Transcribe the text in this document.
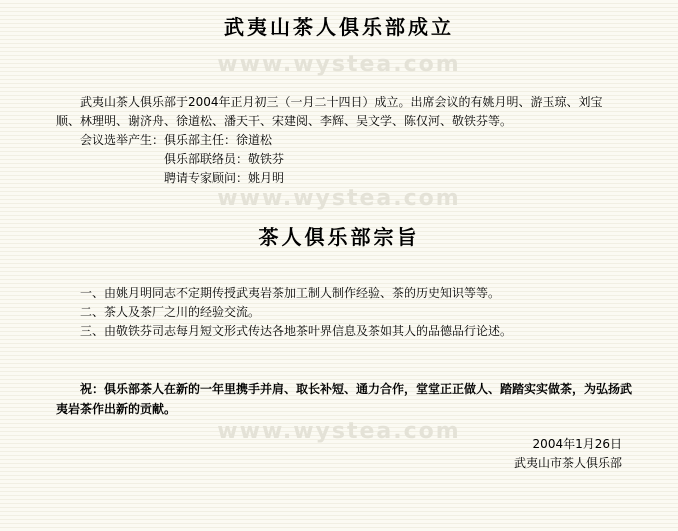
www.wystea.com
www.wystea.com
www.wystea.com
武夷山茶人俱乐部成立

武夷山茶人俱乐部于2004年正月初三（一月二十四日）成立。出席会议的有姚月明、游玉琼、刘宝顺、林理明、谢济舟、徐道松、潘天干、宋建阅、李辉、吴文学、陈仅河、敬铁芬等。

会议选举产生：俱乐部主任：徐道松
俱乐部联络员：敬铁芬
聘请专家顾问：姚月明
茶人俱乐部宗旨
一、由姚月明同志不定期传授武夷岩茶加工制人制作经验、茶的历史知识等等。
二、茶人及茶厂之川的经验交流。
三、由敬铁芬司志每月短文形式传达各地茶叶界信息及茶如其人的品德品行论述。

祝：俱乐部茶人在新的一年里携手并肩、取长补短、通力合作，堂堂正正做人、踏踏实实做茶，为弘扬武夷岩茶作出新的贡献。

2004年1月26日
武夷山市茶人俱乐部
